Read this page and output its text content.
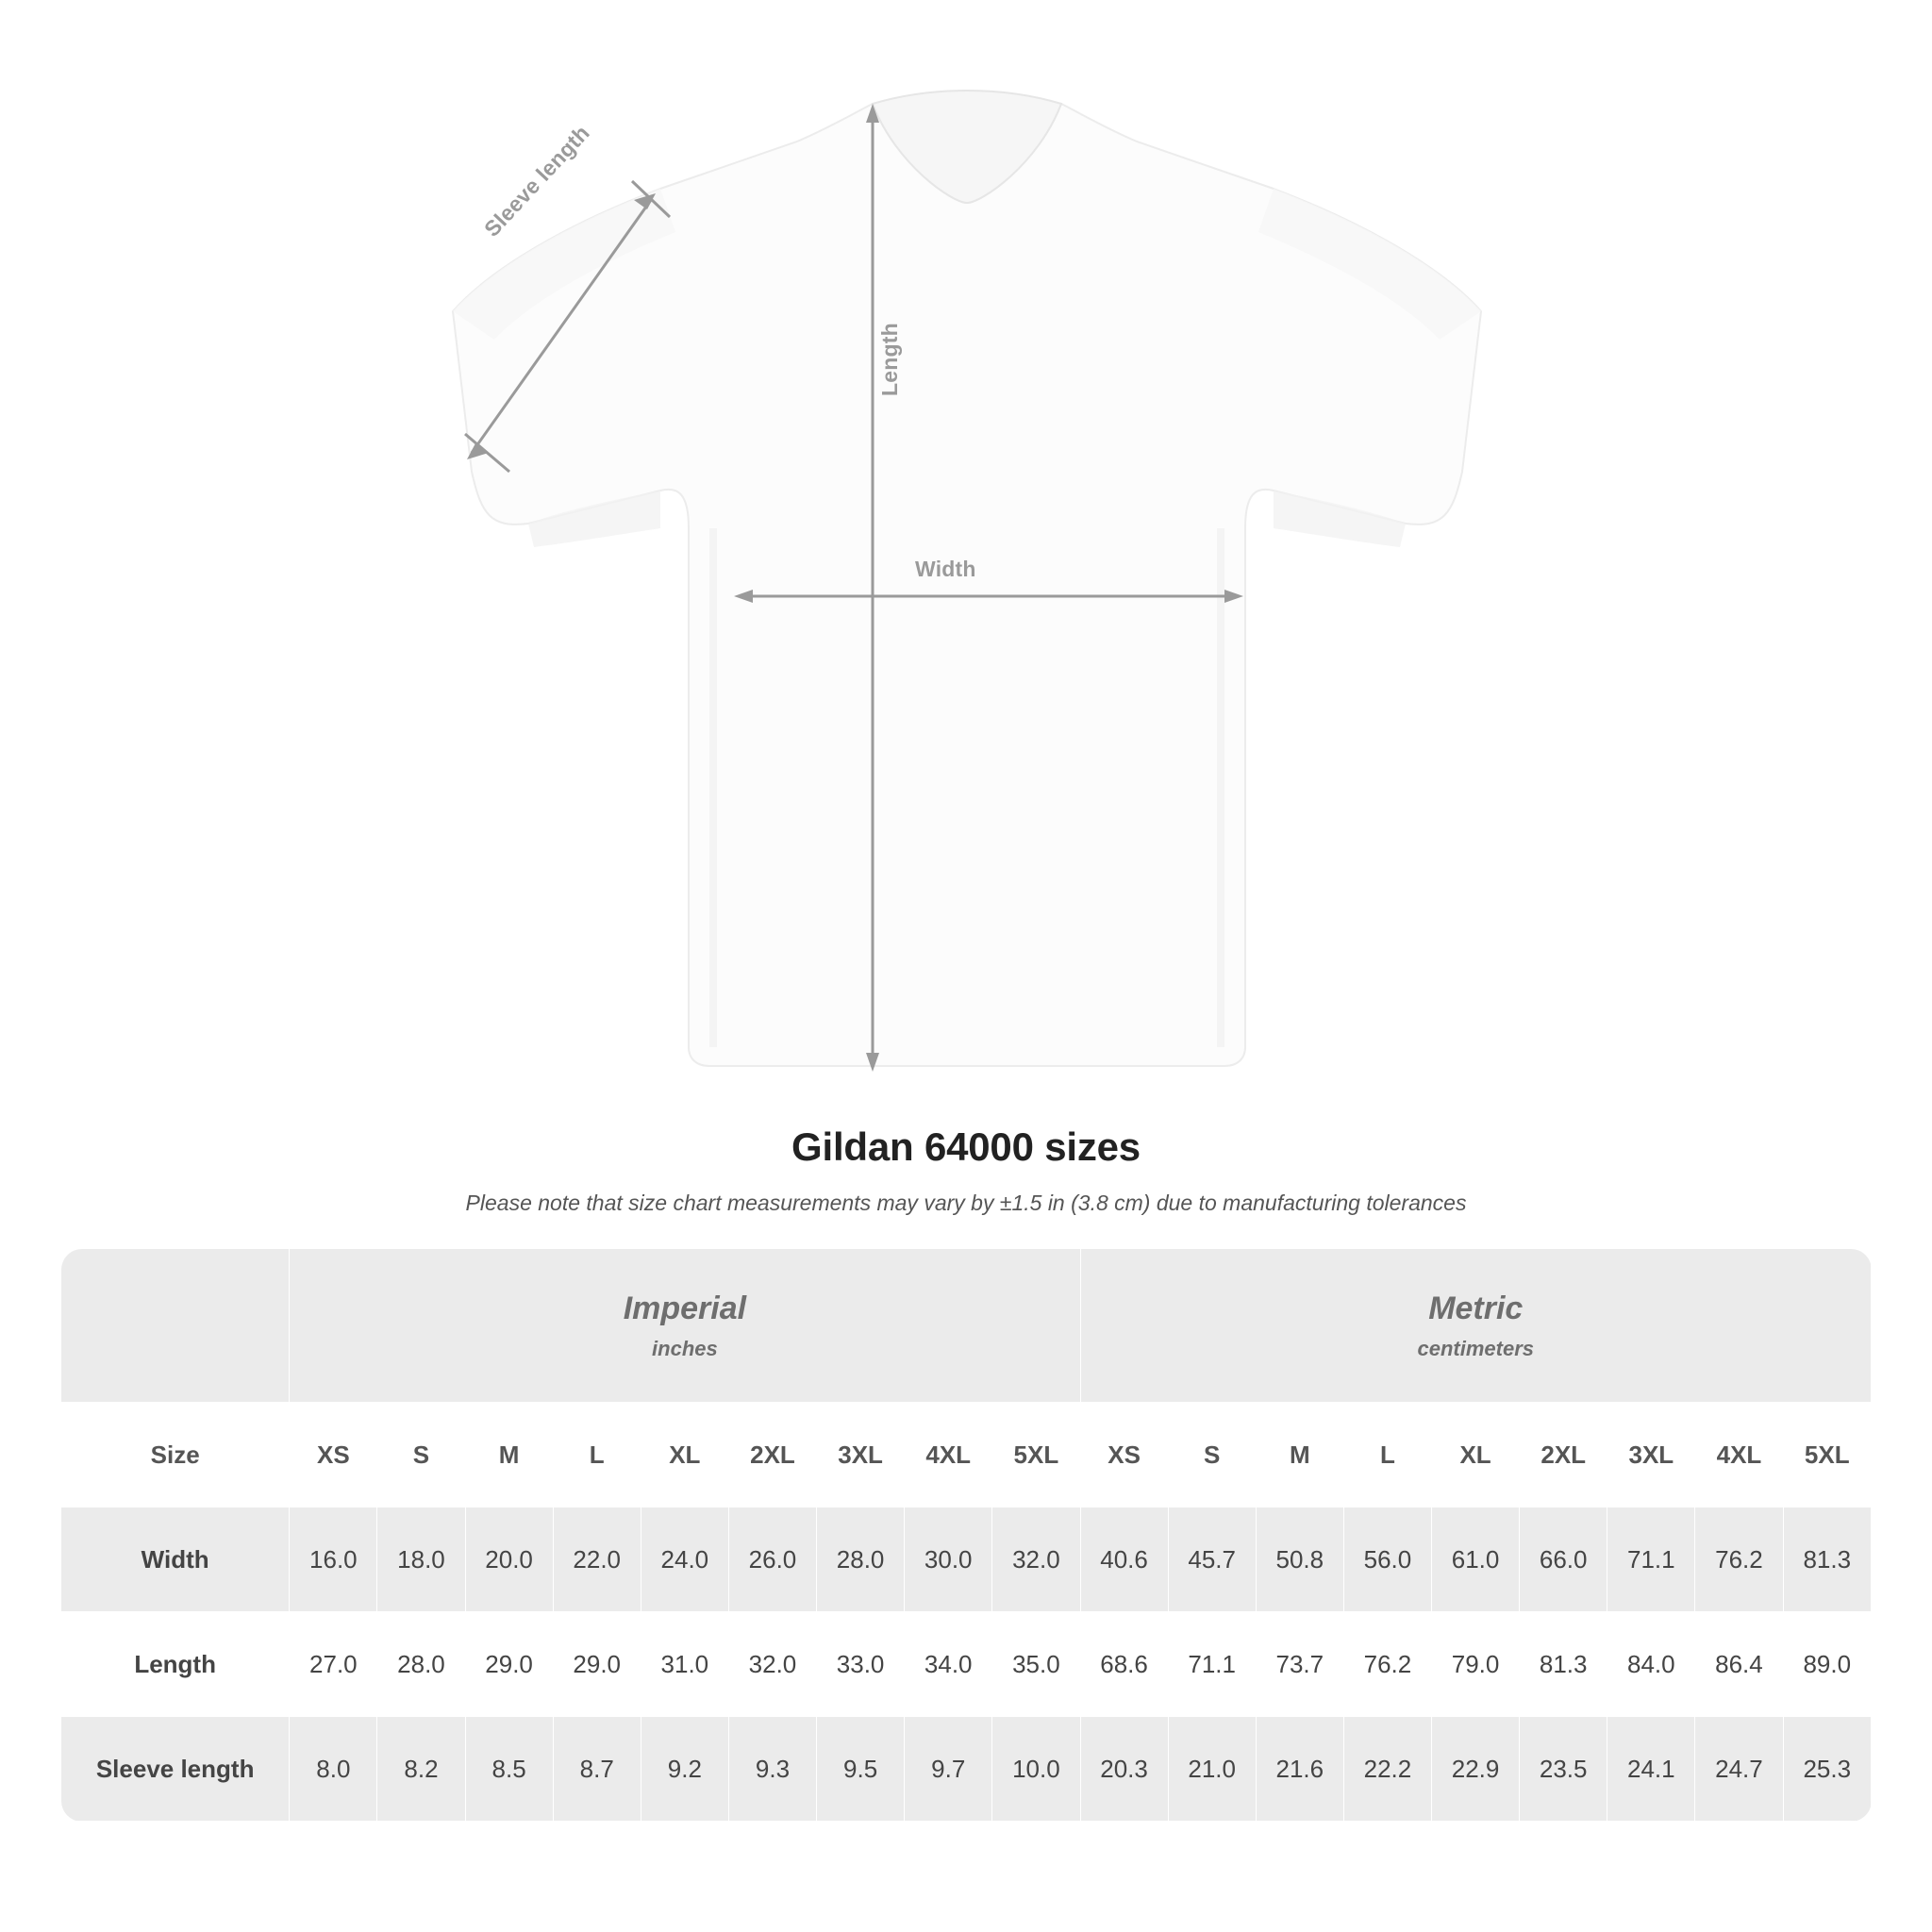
Width
Length
Sleeve length
Gildan 64000 sizes
Please note that size chart measurements may vary by ±1.5 in (3.8 cm) due to manufacturing tolerances

	Imperial
inches									Metric
centimeters								

Size	XS	S	M	L	XL	2XL	3XL	4XL	5XL	XS	S	M	L	XL	2XL	3XL	4XL	5XL
Width	16.0	18.0	20.0	22.0	24.0	26.0	28.0	30.0	32.0	40.6	45.7	50.8	56.0	61.0	66.0	71.1	76.2	81.3
Length	27.0	28.0	29.0	29.0	31.0	32.0	33.0	34.0	35.0	68.6	71.1	73.7	76.2	79.0	81.3	84.0	86.4	89.0
Sleeve length	8.0	8.2	8.5	8.7	9.2	9.3	9.5	9.7	10.0	20.3	21.0	21.6	22.2	22.9	23.5	24.1	24.7	25.3
